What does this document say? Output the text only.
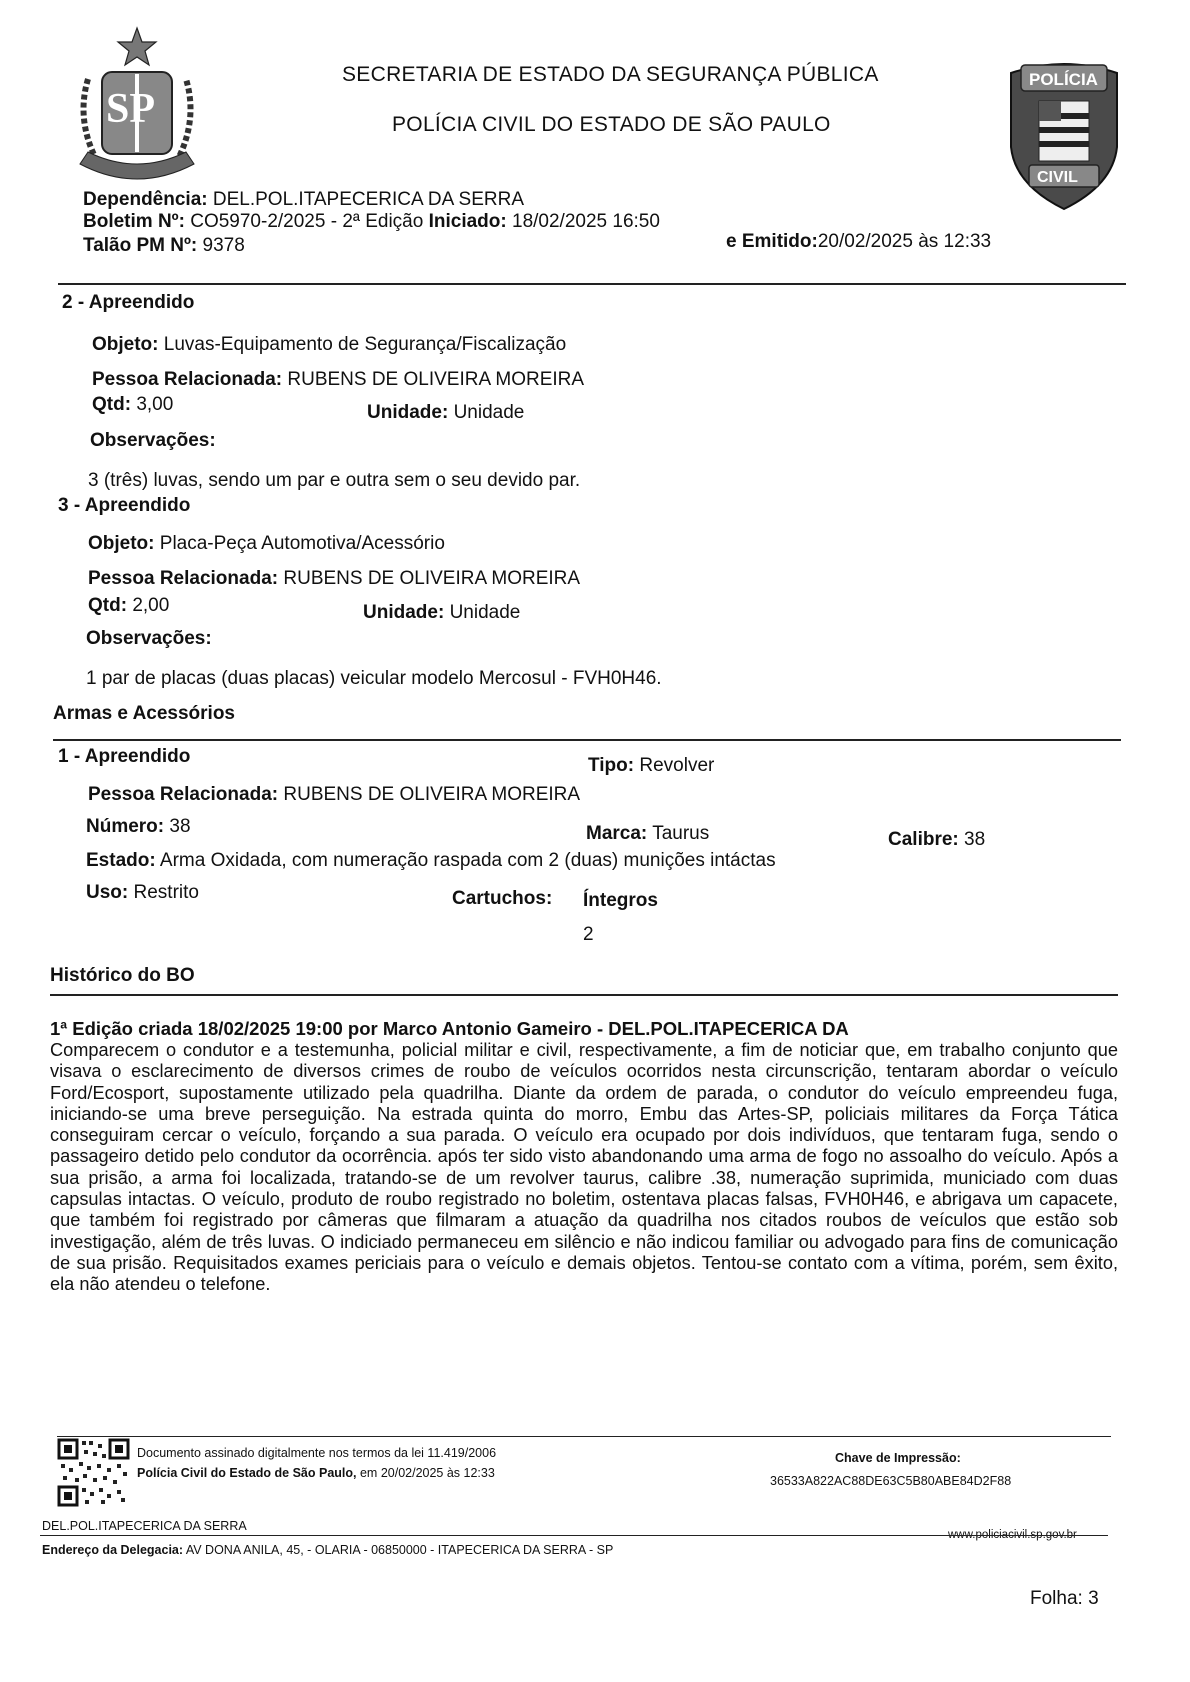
SP
POLÍCIA
CIVIL
SECRETARIA DE ESTADO DA SEGURANÇA PÚBLICA
POLÍCIA CIVIL DO ESTADO DE SÃO PAULO
Dependência: DEL.POL.ITAPECERICA DA SERRA
Boletim Nº: CO5970-2/2025 - 2ª Edição Iniciado: 18/02/2025 16:50
e Emitido:20/02/2025 às 12:33
Talão PM Nº: 9378
2 - Apreendido
Objeto: Luvas-Equipamento de Segurança/Fiscalização
Pessoa Relacionada: RUBENS DE OLIVEIRA MOREIRA
Qtd: 3,00	Unidade: Unidade
Observações:
3 (três) luvas, sendo um par e outra sem o seu devido par.
3 - Apreendido
Objeto: Placa-Peça Automotiva/Acessório
Pessoa Relacionada: RUBENS DE OLIVEIRA MOREIRA
Qtd: 2,00	Unidade: Unidade
Observações:
1 par de placas (duas placas) veicular modelo Mercosul - FVH0H46.
Armas e Acessórios
1 - Apreendido	Tipo: Revolver
Pessoa Relacionada: RUBENS DE OLIVEIRA MOREIRA
Número: 38	Marca: Taurus	Calibre: 38
Estado: Arma Oxidada, com numeração raspada com 2 (duas) munições intáctas
Uso: Restrito	Cartuchos: Íntegros
2
Histórico do BO
1ª Edição criada 18/02/2025 19:00 por Marco Antonio Gameiro - DEL.POL.ITAPECERICA DA
Comparecem o condutor e a testemunha, policial militar e civil, respectivamente, a fim de noticiar que, em trabalho conjunto que visava o esclarecimento de diversos crimes de roubo de veículos ocorridos nesta circunscrição, tentaram abordar o veículo Ford/Ecosport, supostamente utilizado pela quadrilha. Diante da ordem de parada, o condutor do veículo empreendeu fuga, iniciando-se uma breve perseguição. Na estrada quinta do morro, Embu das Artes-SP, policiais militares da Força Tática conseguiram cercar o veículo, forçando a sua parada. O veículo era ocupado por dois indivíduos, que tentaram fuga, sendo o passageiro detido pelo condutor da ocorrência. após ter sido visto abandonando uma arma de fogo no assoalho do veículo. Após a sua prisão, a arma foi localizada, tratando-se de um revolver taurus, calibre .38, numeração suprimida, municiado com duas capsulas intactas. O veículo, produto de roubo registrado no boletim, ostentava placas falsas, FVH0H46, e abrigava um capacete, que também foi registrado por câmeras que filmaram a atuação da quadrilha nos citados roubos de veículos que estão sob investigação, além de três luvas. O indiciado permaneceu em silêncio e não indicou familiar ou advogado para fins de comunicação de sua prisão. Requisitados exames periciais para o veículo e demais objetos. Tentou-se contato com a vítima, porém, sem êxito, ela não atendeu o telefone.
Documento assinado digitalmente nos termos da lei 11.419/2006
Polícia Civil do Estado de São Paulo, em 20/02/2025 às 12:33
Chave de Impressão:
36533A822AC88DE63C5B80ABE84D2F88
DEL.POL.ITAPECERICA DA SERRA
www.policiacivil.sp.gov.br
Endereço da Delegacia: AV DONA ANILA, 45, - OLARIA - 06850000 - ITAPECERICA DA SERRA - SP
Folha: 3
